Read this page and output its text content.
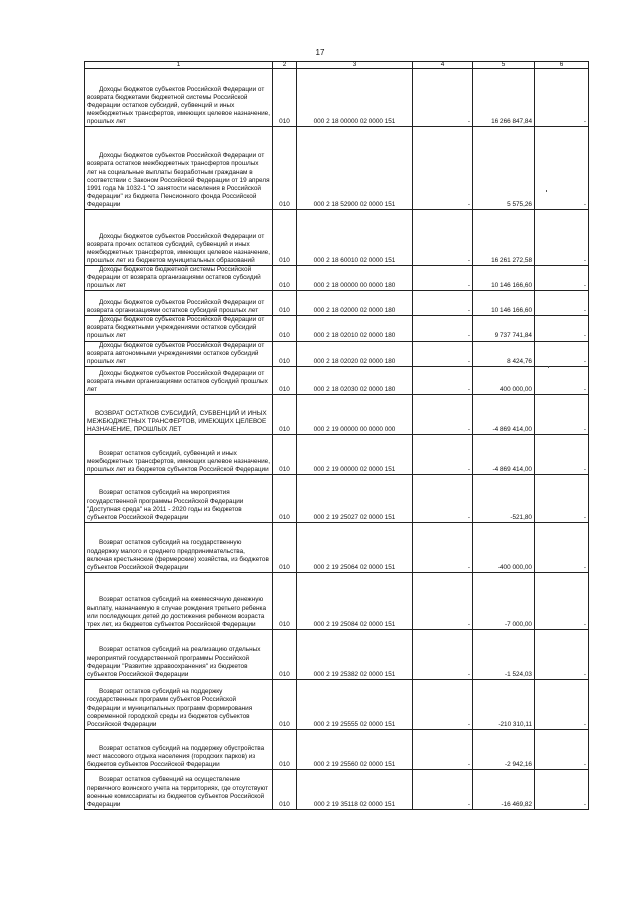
17
1	2	3	4	5	6
Доходы бюджетов субъектов Российской Федерации от возврата бюджетами бюджетной системы Российской Федерации остатков субсидий, субвенций и иных межбюджетных трансфертов, имеющих целевое назначение, прошлых лет	010	000 2 18 00000 02 0000 151	-	16 266 847,84	-
Доходы бюджетов субъектов Российской Федерации от возврата остатков межбюджетных трансфертов прошлых лет на социальные выплаты безработным гражданам в соответствии с Законом Российской Федерации от 19 апреля 1991 года № 1032-1 "О занятости населения в Российской Федерации" из бюджета Пенсионного фонда Российской Федерации	010	000 2 18 52900 02 0000 151	-	5 575,26	-
Доходы бюджетов субъектов Российской Федерации от возврата прочих остатков субсидий, субвенций и иных межбюджетных трансфертов, имеющих целевое назначение, прошлых лет из бюджетов муниципальных образований	010	000 2 18 60010 02 0000 151	-	16 261 272,58	-
Доходы бюджетов бюджетной системы Российской Федерации от возврата организациями остатков субсидий прошлых лет	010	000 2 18 00000 00 0000 180	-	10 146 166,60	-
Доходы бюджетов субъектов Российской Федерации от возврата организациями остатков субсидий прошлых лет	010	000 2 18 02000 02 0000 180	-	10 146 166,60	-
Доходы бюджетов субъектов Российской Федерации от возврата бюджетными учреждениями остатков субсидий прошлых лет	010	000 2 18 02010 02 0000 180	-	9 737 741,84	-
Доходы бюджетов субъектов Российской Федерации от возврата автономными учреждениями остатков субсидий прошлых лет	010	000 2 18 02020 02 0000 180	-	8 424,76	-
Доходы бюджетов субъектов Российской Федерации от возврата иными организациями остатков субсидий прошлых лет	010	000 2 18 02030 02 0000 180	-	400 000,00	-
ВОЗВРАТ ОСТАТКОВ СУБСИДИЙ, СУБВЕНЦИЙ И ИНЫХ МЕЖБЮДЖЕТНЫХ ТРАНСФЕРТОВ, ИМЕЮЩИХ ЦЕЛЕВОЕ НАЗНАЧЕНИЕ, ПРОШЛЫХ ЛЕТ	010	000 2 19 00000 00 0000 000	-	-4 869 414,00	-
Возврат остатков субсидий, субвенций и иных межбюджетных трансфертов, имеющих целевое назначение, прошлых лет из бюджетов субъектов Российской Федерации	010	000 2 19 00000 02 0000 151	-	-4 869 414,00	-
Возврат остатков субсидий на мероприятия государственной программы Российской Федерации "Доступная среда" на 2011 - 2020 годы из бюджетов субъектов Российской Федерации	010	000 2 19 25027 02 0000 151	-	-521,80	-
Возврат остатков субсидий на государственную поддержку малого и среднего предпринимательства, включая крестьянские (фермерские) хозяйства, из бюджетов субъектов Российской Федерации	010	000 2 19 25064 02 0000 151	-	-400 000,00	-
Возврат остатков субсидий на ежемесячную денежную выплату, назначаемую в случае рождения третьего ребенка или последующих детей до достижения ребенком возраста трех лет, из бюджетов субъектов Российской Федерации	010	000 2 19 25084 02 0000 151	-	-7 000,00	-
Возврат остатков субсидий на реализацию отдельных мероприятий государственной программы Российской Федерации "Развитие здравоохранения" из бюджетов субъектов Российской Федерации	010	000 2 19 25382 02 0000 151	-	-1 524,03	-
Возврат остатков субсидий на поддержку государственных программ субъектов Российской Федерации и муниципальных программ формирования современной городской среды из бюджетов субъектов Российской Федерации	010	000 2 19 25555 02 0000 151	-	-210 310,11	-
Возврат остатков субсидий на поддержку обустройства мест массового отдыха населения (городских парков) из бюджетов субъектов Российской Федерации	010	000 2 19 25560 02 0000 151	-	-2 942,16	-
Возврат остатков субвенций на осуществление первичного воинского учета на территориях, где отсутствуют военные комиссариаты из бюджетов субъектов Российской Федерации	010	000 2 19 35118 02 0000 151	-	-16 469,82	-
